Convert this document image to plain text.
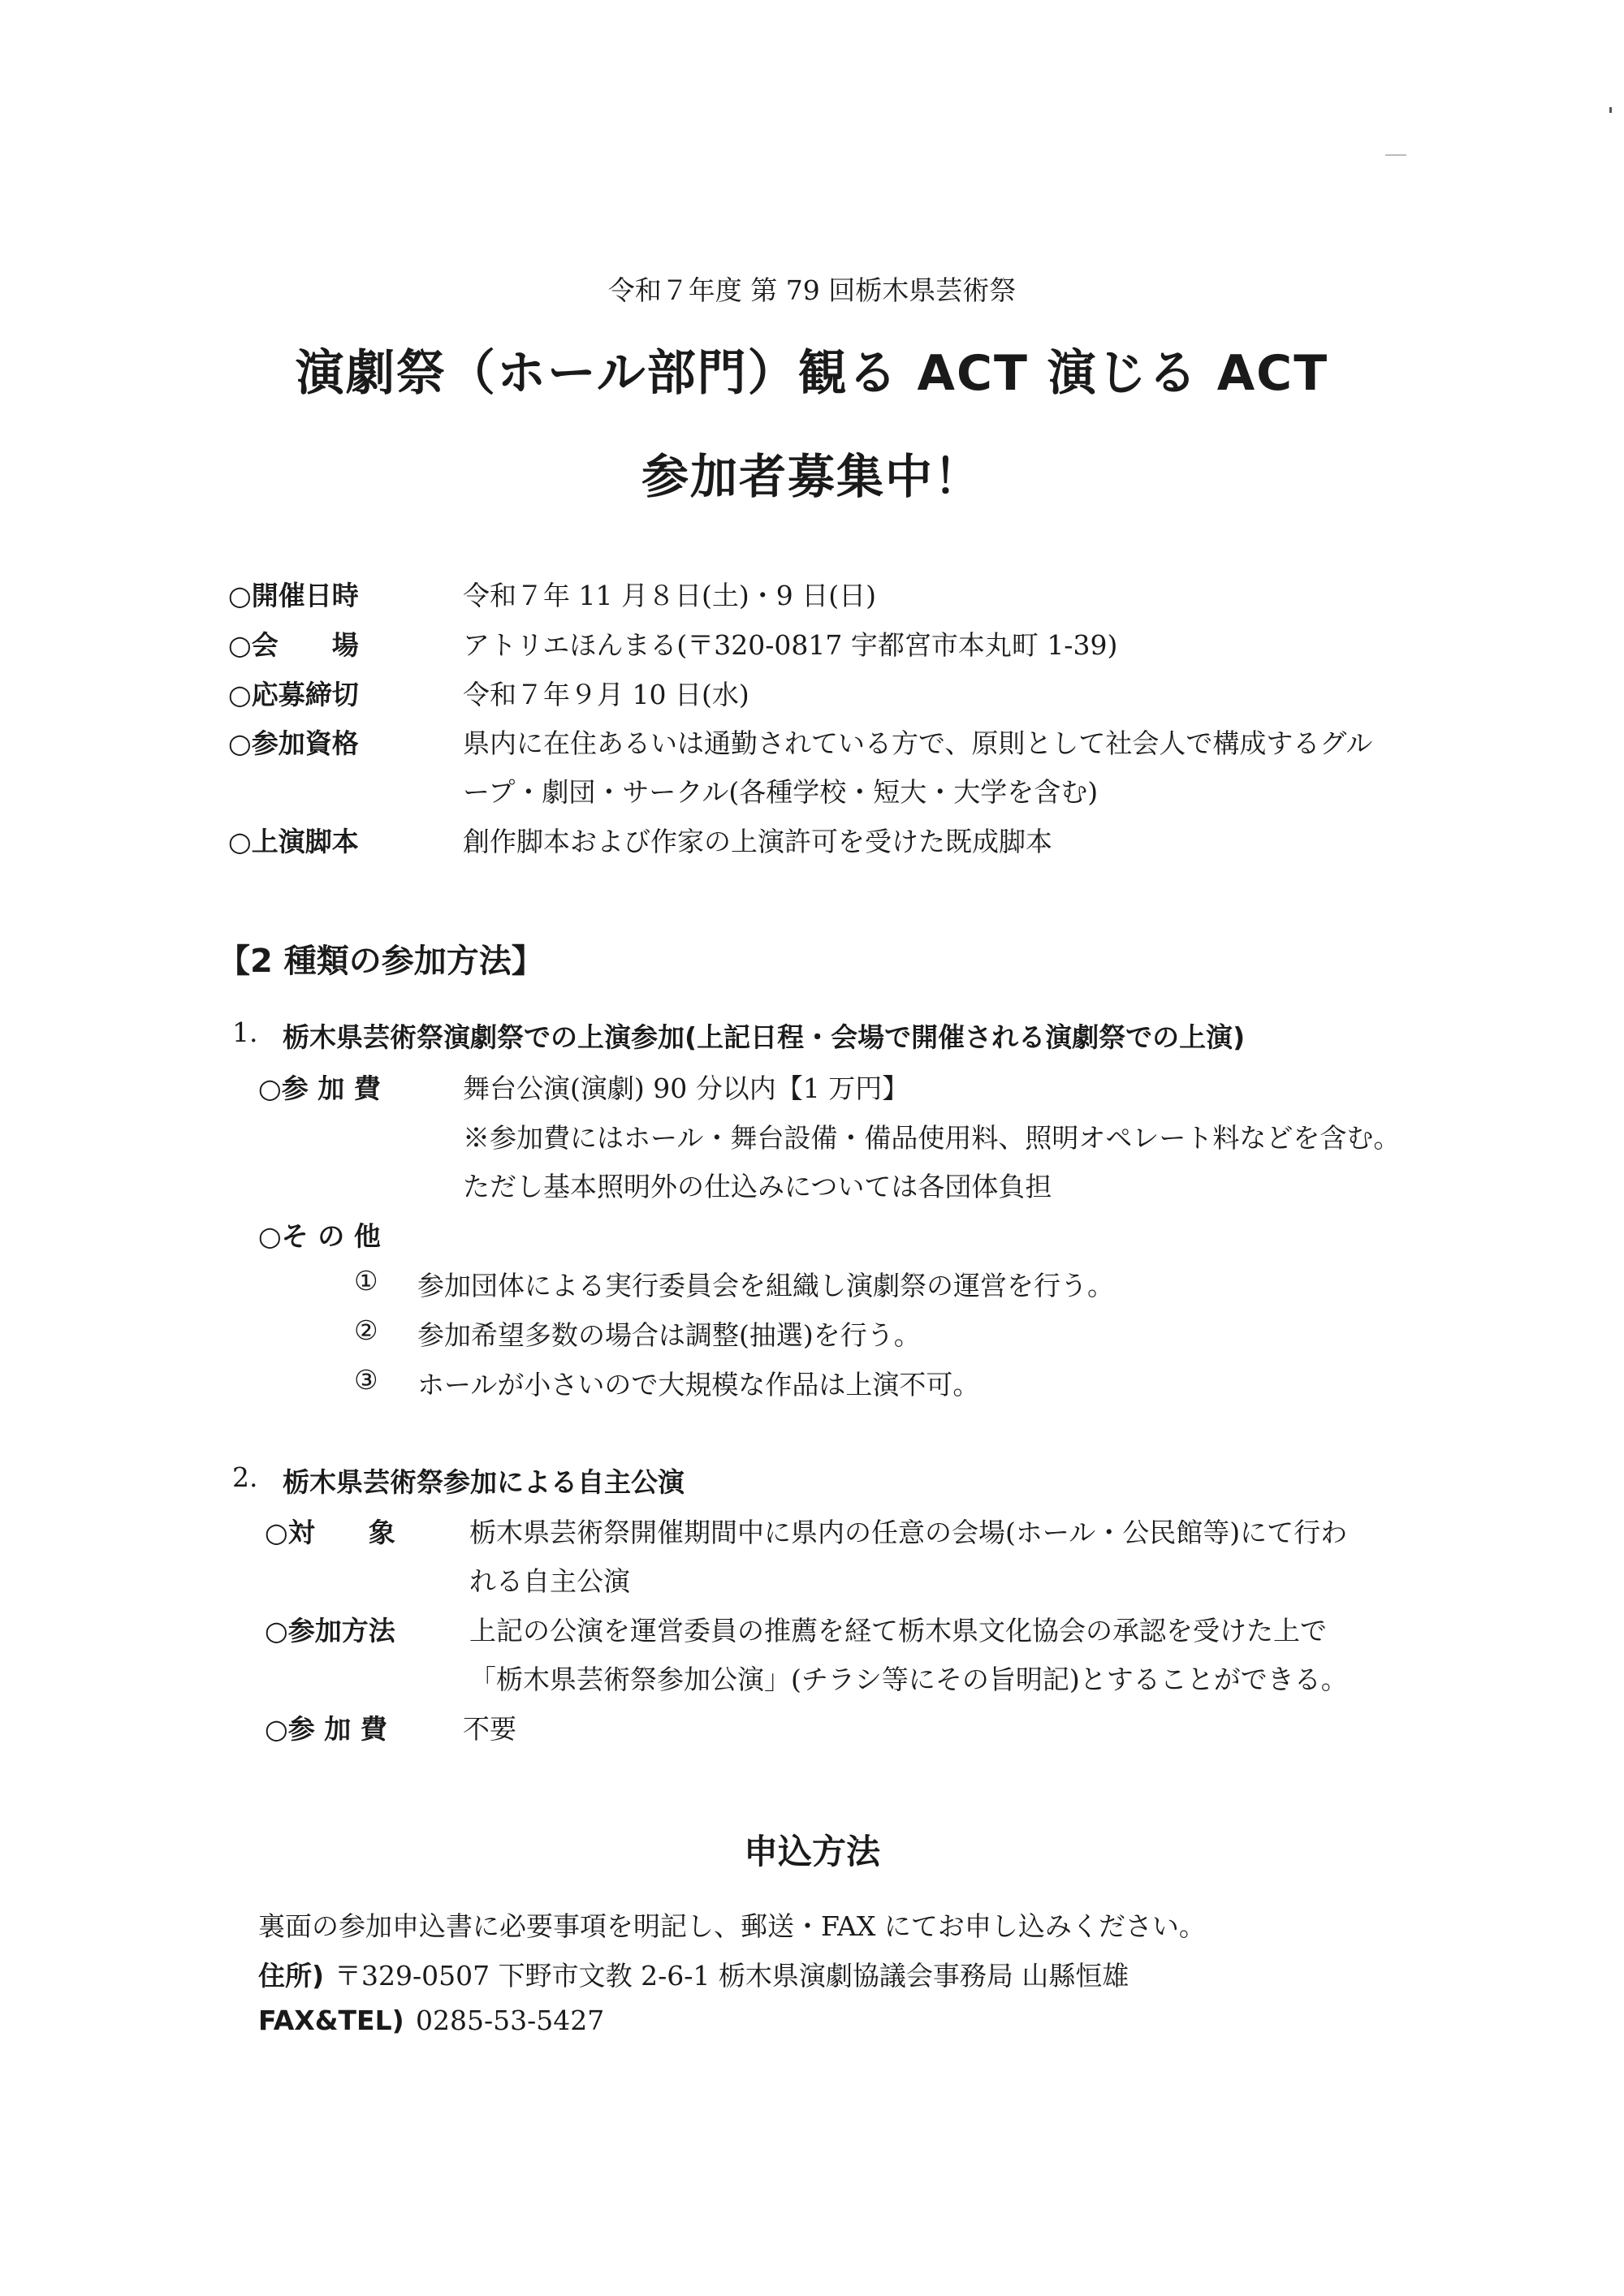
令和７年度 第 79 回栃木県芸術祭
演劇祭（ホール部門）観る ACT 演じる ACT
参加者募集中！
○開催日時	令和７年 11 月８日(土)・9 日(日)
○会　　場	アトリエほんまる(〒320-0817 宇都宮市本丸町 1-39)
○応募締切	令和７年９月 10 日(水)
○参加資格	県内に在住あるいは通勤されている方で、原則として社会人で構成するグル
ープ・劇団・サークル(各種学校・短大・大学を含む)
○上演脚本	創作脚本および作家の上演許可を受けた既成脚本
【2 種類の参加方法】
1. 栃木県芸術祭演劇祭での上演参加(上記日程・会場で開催される演劇祭での上演)
○参 加 費	舞台公演(演劇) 90 分以内【1 万円】
※参加費にはホール・舞台設備・備品使用料、照明オペレート料などを含む。
ただし基本照明外の仕込みについては各団体負担
○そ の 他
① 参加団体による実行委員会を組織し演劇祭の運営を行う。
② 参加希望多数の場合は調整(抽選)を行う。
③ ホールが小さいので大規模な作品は上演不可。
2. 栃木県芸術祭参加による自主公演
○対　　象	栃木県芸術祭開催期間中に県内の任意の会場(ホール・公民館等)にて行わ
れる自主公演
○参加方法	上記の公演を運営委員の推薦を経て栃木県文化協会の承認を受けた上で
「栃木県芸術祭参加公演」(チラシ等にその旨明記)とすることができる。
○参 加 費	不要
申込方法
裏面の参加申込書に必要事項を明記し、郵送・FAX にてお申し込みください。
住所) 〒329-0507 下野市文教 2-6-1 栃木県演劇協議会事務局 山縣恒雄
FAX&TEL) 0285-53-5427
